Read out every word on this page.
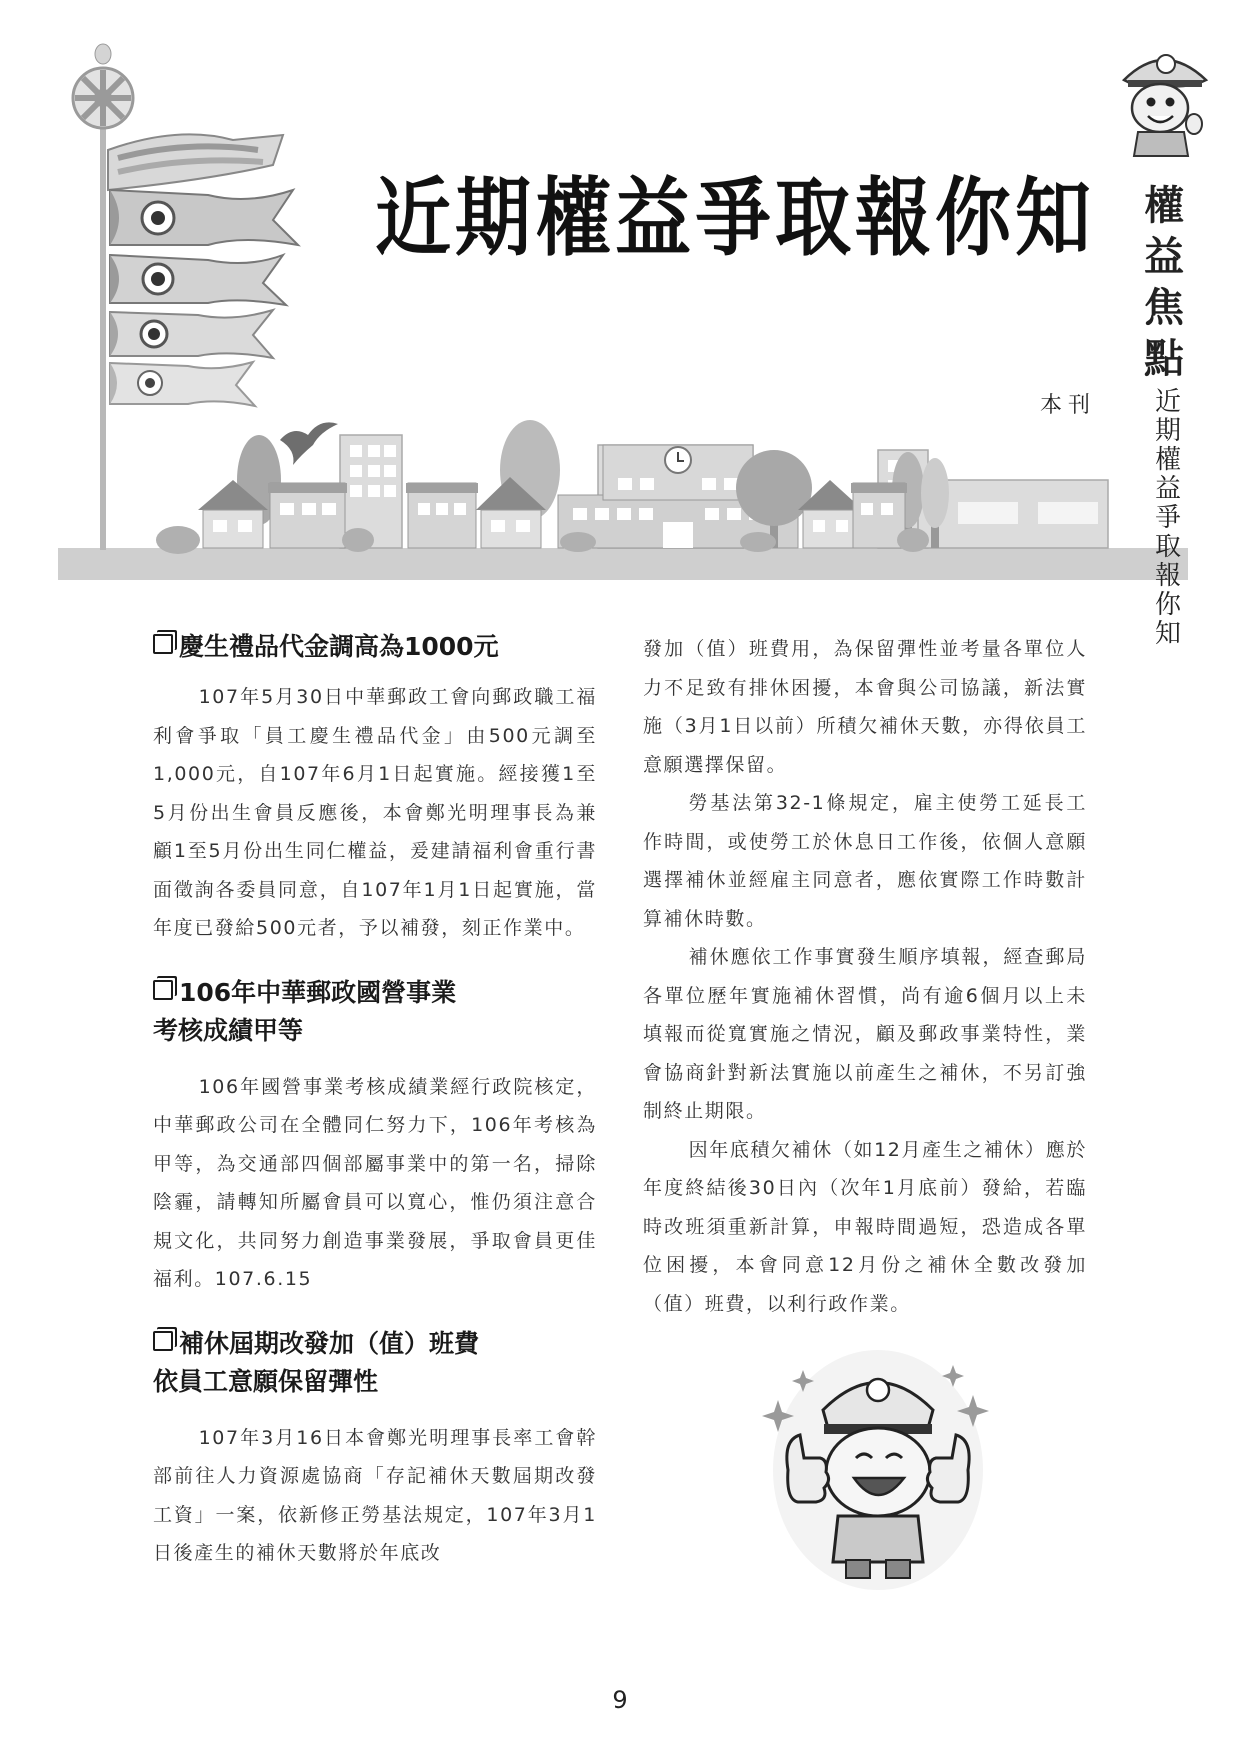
近期權益爭取報你知
本刊
權
益
焦
點
近
期
權
益
爭
取
報
你
知
慶生禮品代金調高為1000元

107年5月30日中華郵政工會向郵政職工福利會爭取「員工慶生禮品代金」由500元調至1,000元，自107年6月1日起實施。經接獲1至5月份出生會員反應後，本會鄭光明理事長為兼顧1至5月份出生同仁權益，爰建請福利會重行書面徵詢各委員同意，自107年1月1日起實施，當年度已發給500元者，予以補發，刻正作業中。

106年中華郵政國營事業
考核成績甲等

106年國營事業考核成績業經行政院核定，中華郵政公司在全體同仁努力下，106年考核為甲等，為交通部四個部屬事業中的第一名，掃除陰霾，請轉知所屬會員可以寬心，惟仍須注意合規文化，共同努力創造事業發展，爭取會員更佳福利。107.6.15

補休屆期改發加（值）班費
依員工意願保留彈性

107年3月16日本會鄭光明理事長率工會幹部前往人力資源處協商「存記補休天數屆期改發工資」一案，依新修正勞基法規定，107年3月1日後產生的補休天數將於年底改

發加（值）班費用，為保留彈性並考量各單位人力不足致有排休困擾，本會與公司協議，新法實施（3月1日以前）所積欠補休天數，亦得依員工意願選擇保留。

勞基法第32-1條規定，雇主使勞工延長工作時間，或使勞工於休息日工作後，依個人意願選擇補休並經雇主同意者，應依實際工作時數計算補休時數。

補休應依工作事實發生順序填報，經查郵局各單位歷年實施補休習慣，尚有逾6個月以上未填報而從寬實施之情況，顧及郵政事業特性，業會協商針對新法實施以前產生之補休，不另訂強制終止期限。

因年底積欠補休（如12月產生之補休）應於年度終結後30日內（次年1月底前）發給，若臨時改班須重新計算，申報時間過短，恐造成各單位困擾，本會同意12月份之補休全數改發加（值）班費，以利行政作業。

9
